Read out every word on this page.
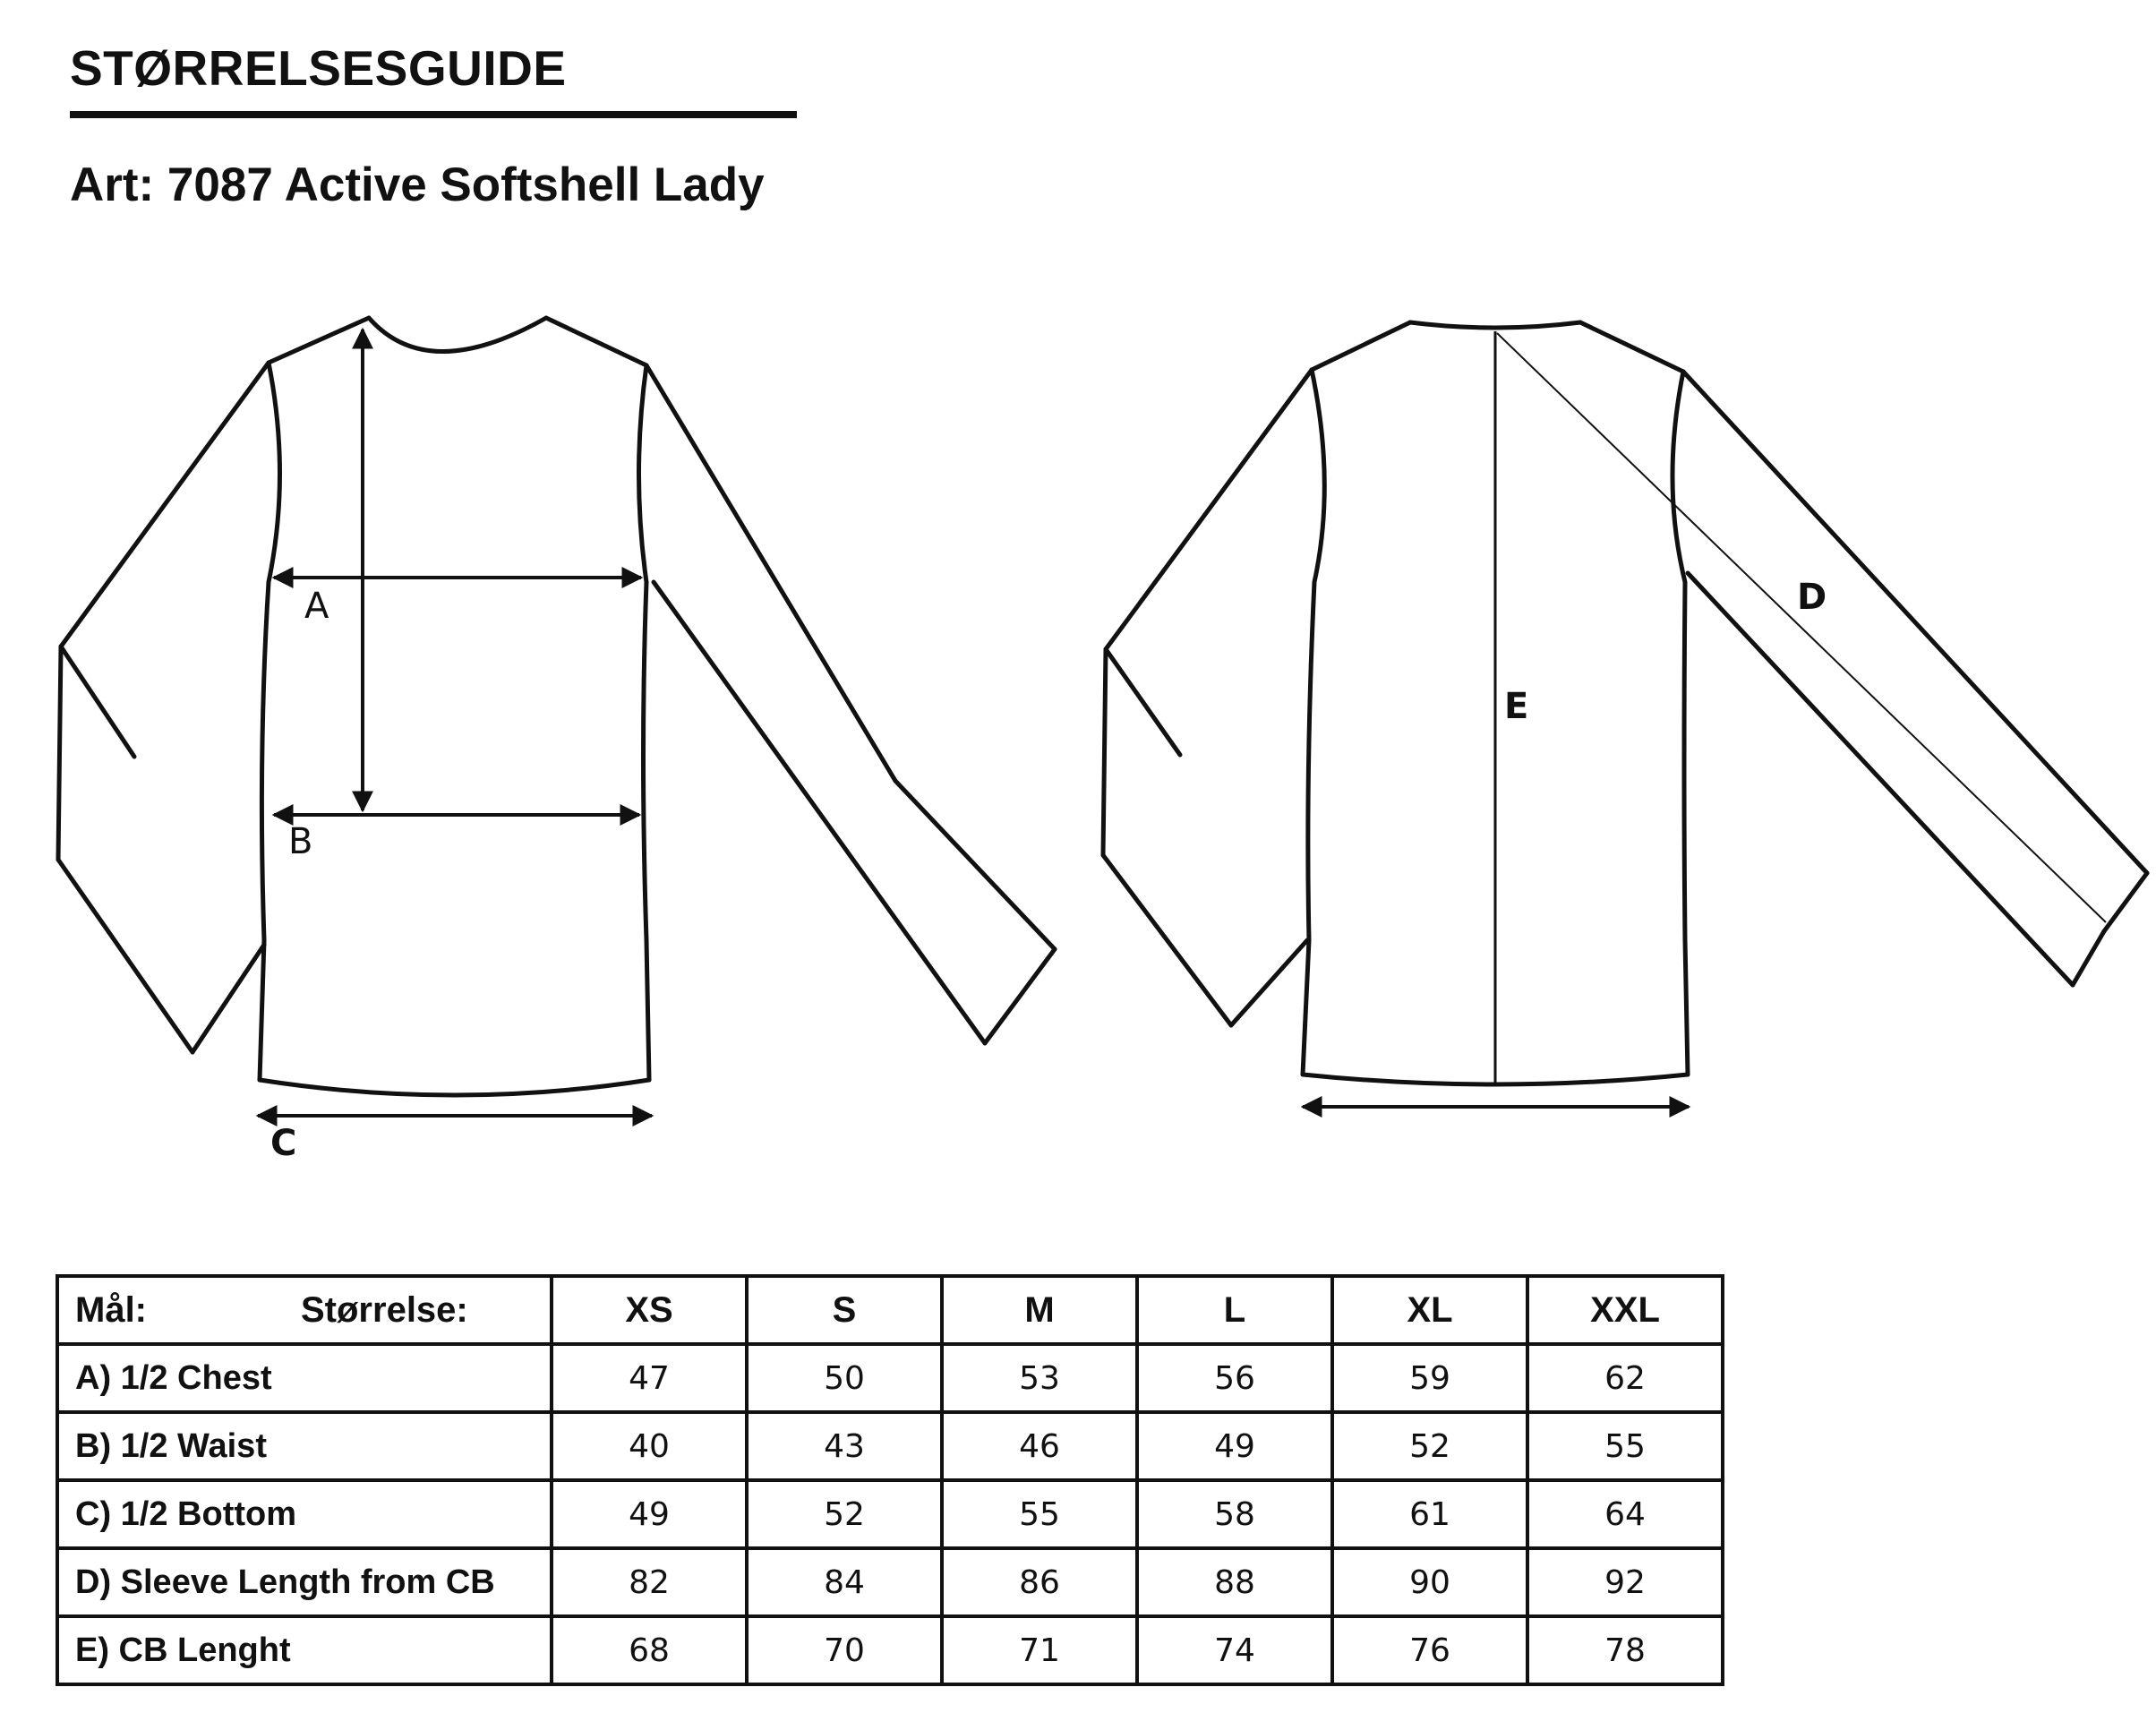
STØRRELSESGUIDE
Art: 7087 Active Softshell Lady
A
B
C
D
E
Mål: Størrelse:	XS	S	M	L	XL	XXL
A) 1/2 Chest	47	50	53	56	59	62
B) 1/2 Waist	40	43	46	49	52	55
C) 1/2 Bottom	49	52	55	58	61	64
D) Sleeve Length from CB	82	84	86	88	90	92
E) CB Lenght	68	70	71	74	76	78
